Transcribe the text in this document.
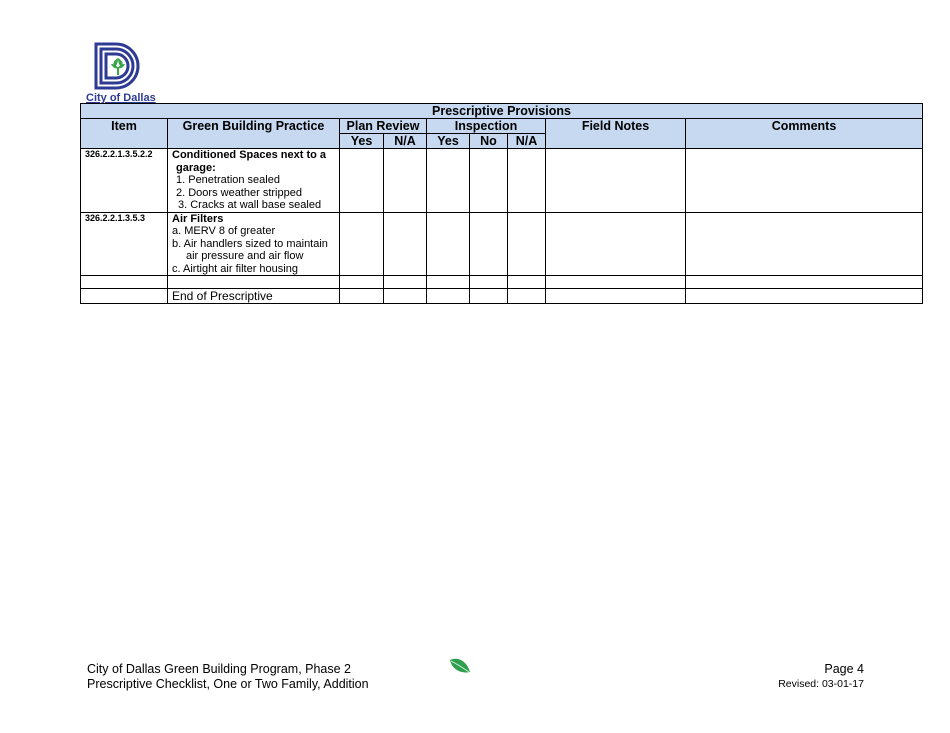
City of Dallas
Prescriptive Provisions								
Item	Green Building Practice	Plan Review		Inspection			Field Notes	Comments
		Yes	N/A	Yes	No	N/A		
326.2.2.1.3.5.2.2	Conditioned Spaces next to a
garage:
1. Penetration sealed
2. Doors weather stripped
3. Cracks at wall base sealed							

326.2.2.1.3.5.3	Air Filters
a. MERV 8 of greater
b. Air handlers sized to maintain
air pressure and air flow
c. Airtight air filter housing							

	End of Prescriptive							
City of Dallas Green Building Program, Phase 2
Prescriptive Checklist, One or Two Family, Addition
Page 4
Revised: 03-01-17
